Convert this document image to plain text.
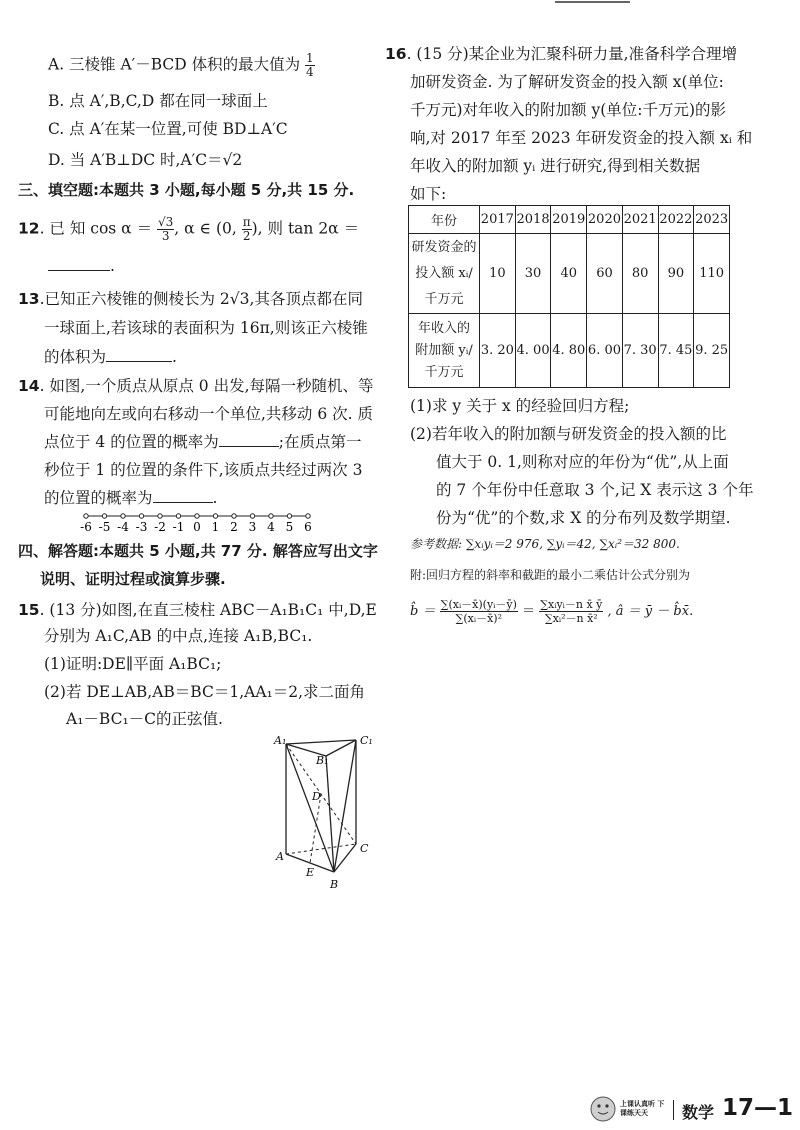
A. 三棱锥 A′－BCD 体积的最大值为 $\frac{1}{4}$
B. 点 A′,B,C,D 都在同一球面上
C. 点 A′在某一位置,可使 BD⊥A′C
D. 当 A′B⊥DC 时,A′C＝√2
三、填空题:本题共 3 小题,每小题 5 分,共 15 分.
12. 已 知 $\cos \alpha = \frac{√3}{3}$ , α ∈ (0, $\frac{\pi}{2}$ ), 则 tan 2α ＝
.
13.已知正六棱锥的侧棱长为 2√3,其各顶点都在同
一球面上,若该球的表面积为 16π,则该正六棱锥
的体积为	.
14. 如图,一个质点从原点 0 出发,每隔一秒随机、等
可能地向左或向右移动一个单位,共移动 6 次. 质
点位于 4 的位置的概率为	;在质点第一
秒位于 1 的位置的条件下,该质点共经过两次 3
的位置的概率为	.
-6 -5 -4 -3 -2 -1 0 1 2 3 4 5 6
四、解答题:本题共 5 小题,共 77 分. 解答应写出文字
说明、证明过程或演算步骤.
15. (13 分)如图,在直三棱柱 ABC－A₁B₁C₁ 中,D,E
分别为 A₁C,AB 的中点,连接 A₁B,BC₁.
(1)证明:DE∥平面 A₁BC₁;
(2)若 DE⊥AB,AB＝BC＝1,AA₁＝2,求二面角
A₁－BC₁－C的正弦值.
A₁
B₁
C₁
D
A
E
B
C
16. (15 分)某企业为汇聚科研力量,准备科学合理增
加研发资金. 为了解研发资金的投入额 x(单位:
千万元)对年收入的附加额 y(单位:千万元)的影
响,对 2017 年至 2023 年研发资金的投入额 xᵢ 和
年收入的附加额 yᵢ 进行研究,得到相关数据
如下:
年份	2017	2018	2019	2020	2021	2022	2023

研发资金的
投入额 xᵢ/
千万元	10	30	40	60	80	90	110

年收入的
附加额 yᵢ/
千万元	3. 20	4. 00	4. 80	6. 00	7. 30	7. 45	9. 25
(1)求 y 关于 x 的经验回归方程;
(2)若年收入的附加额与研发资金的投入额的比
值大于 0. 1,则称对应的年份为“优”,从上面
的 7 个年份中任意取 3 个,记 X 表示这 3 个年
份为“优”的个数,求 X 的分布列及数学期望.
参考数据: ∑xᵢyᵢ＝2 976, ∑yᵢ＝42, ∑xᵢ²＝32 800.
附:回归方程的斜率和截距的最小二乘估计公式分别为
b̂ ＝ $\frac{\text{∑(xᵢ－x̄)(yᵢ－ȳ)}}{\text{∑(xᵢ－x̄)²}} = \frac{\text{∑xᵢyᵢ－n x̄ ȳ}}{\text{∑xᵢ²－n x̄²}}$ , â ＝ ȳ － b̂x̄.
上课认真听 下课练天天	数学 17—1
